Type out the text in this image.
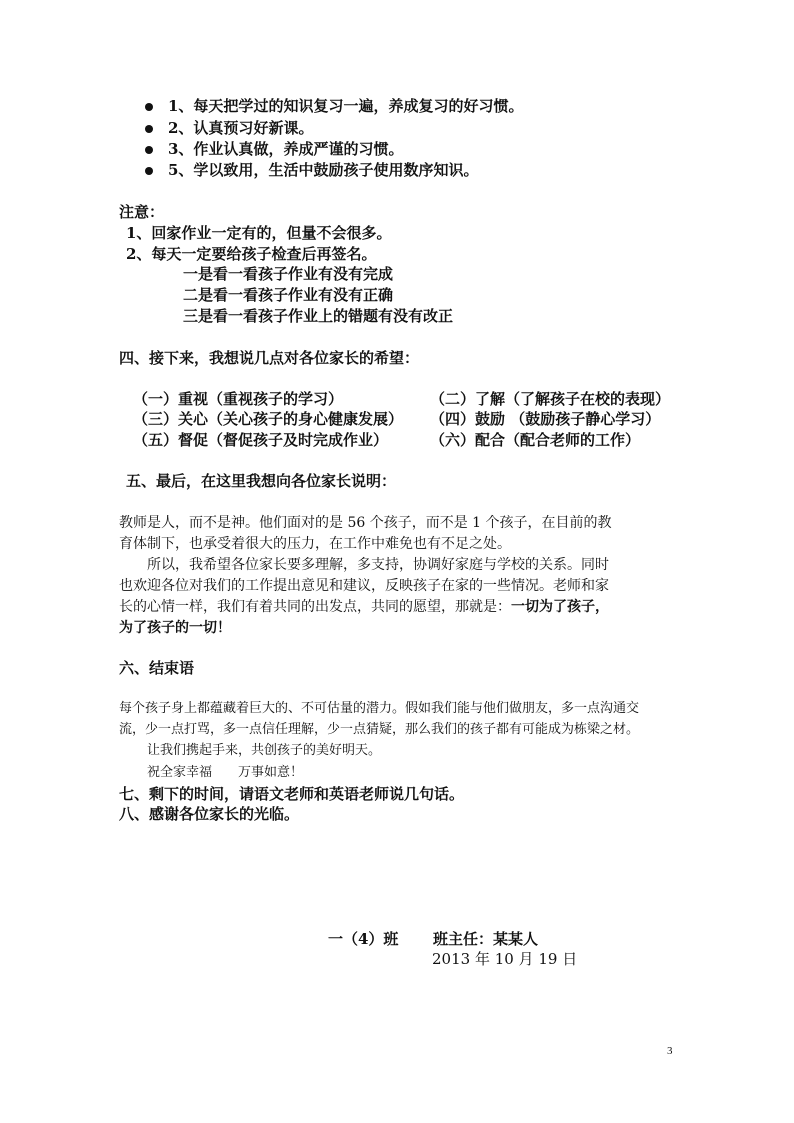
1、每天把学过的知识复习一遍，养成复习的好习惯。
2、认真预习好新课。
3、作业认真做，养成严谨的习惯。
5、学以致用，生活中鼓励孩子使用数序知识。
注意：
1、回家作业一定有的，但量不会很多。
2、每天一定要给孩子检查后再签名。
一是看一看孩子作业有没有完成
二是看一看孩子作业有没有正确
三是看一看孩子作业上的错题有没有改正
四、接下来，我想说几点对各位家长的希望：
（一）重视（重视孩子的学习）
（三）关心（关心孩子的身心健康发展）
（五）督促（督促孩子及时完成作业）
（二）了解（了解孩子在校的表现）
（四）鼓励 （鼓励孩子静心学习）
（六）配合（配合老师的工作）
五、最后，在这里我想向各位家长说明：
教师是人，而不是神。他们面对的是 56 个孩子，而不是 1 个孩子，在目前的教
育体制下，也承受着很大的压力，在工作中难免也有不足之处。
所以，我希望各位家长要多理解，多支持，协调好家庭与学校的关系。同时
也欢迎各位对我们的工作提出意见和建议，反映孩子在家的一些情况。老师和家
长的心情一样，我们有着共同的出发点，共同的愿望，那就是：一切为了孩子，
为了孩子的一切！
六、结束语
每个孩子身上都蕴藏着巨大的、不可估量的潜力。假如我们能与他们做朋友，多一点沟通交
流，少一点打骂，多一点信任理解，少一点猜疑，那么我们的孩子都有可能成为栋梁之材。
让我们携起手来，共创孩子的美好明天。
祝全家幸福 万事如意！
七、剩下的时间，请语文老师和英语老师说几句话。
八、感谢各位家长的光临。
一（4）班 班主任：某某人
2013 年 10 月 19 日
3
